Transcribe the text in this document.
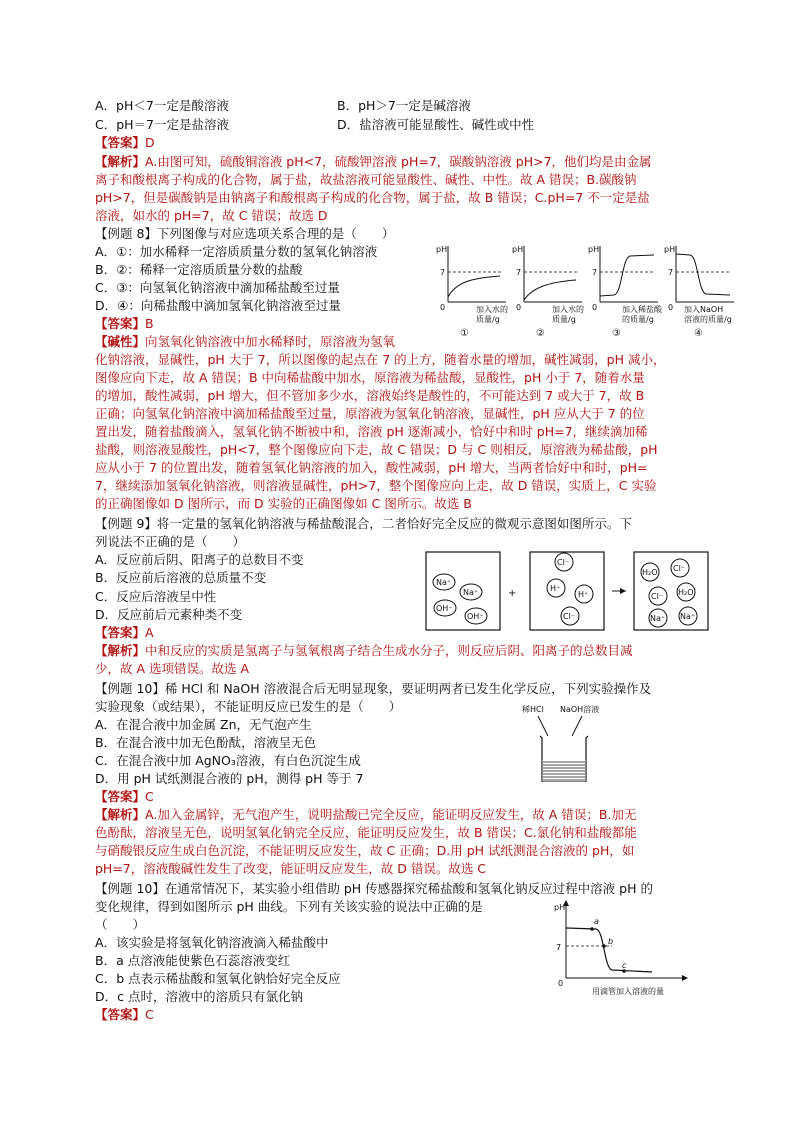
A．pH＜7一定是酸溶液	B．pH＞7一定是碱溶液
C．pH＝7一定是盐溶液	D．盐溶液可能显酸性、碱性或中性
【答案】D
【解析】A.由图可知，硫酸铜溶液 pH<7，硫酸钾溶液 pH=7，碳酸钠溶液 pH>7，他们均是由金属
离子和酸根离子构成的化合物，属于盐，故盐溶液可能显酸性、碱性、中性。故 A 错误；B.碳酸钠
pH>7，但是碳酸钠是由钠离子和酸根离子构成的化合物，属于盐，故 B 错误；C.pH=7 不一定是盐
溶液，如水的 pH=7，故 C 错误；故选 D
【例题 8】下列图像与对应选项关系合理的是（　　）
A．①：加水稀释一定溶质质量分数的氢氧化钠溶液
B．②：稀释一定溶质质量分数的盐酸
C．③：向氢氧化钠溶液中滴加稀盐酸至过量
D．④：向稀盐酸中滴加氢氧化钠溶液至过量
pH
7
0	加入水的
质量/g
①
pH
7
0	加入水的
质量/g
②
pH
7
0	加入稀盐酸
的质量/g
③
pH
7
0 加入NaOH
溶液的质量/g
④
【答案】B
【碱性】向氢氧化钠溶液中加水稀释时，原溶液为氢氧
化钠溶液，显碱性，pH 大于 7，所以图像的起点在 7 的上方，随着水量的增加，碱性减弱，pH 减小，
图像应向下走，故 A 错误；B 中向稀盐酸中加水，原溶液为稀盐酸，显酸性，pH 小于 7，随着水量
的增加，酸性减弱，pH 增大，但不管加多少水，溶液始终是酸性的，不可能达到 7 或大于 7，故 B
正确；向氢氧化钠溶液中滴加稀盐酸至过量，原溶液为氢氧化钠溶液，显碱性，pH 应从大于 7 的位
置出发，随着盐酸滴入，氢氧化钠不断被中和，溶液 pH 逐渐减小，恰好中和时 pH=7，继续滴加稀
盐酸，则溶液显酸性，pH<7，整个图像应向下走，故 C 错误；D 与 C 则相反，原溶液为稀盐酸，pH
应从小于 7 的位置出发，随着氢氧化钠溶液的加入，酸性减弱，pH 增大，当两者恰好中和时，pH=
7，继续添加氢氧化钠溶液，则溶液显碱性，pH>7，整个图像应向上走，故 D 错误，实质上，C 实验
的正确图像如 D 图所示，而 D 实验的正确图像如 C 图所示。故选 B
【例题 9】将一定量的氢氧化钠溶液与稀盐酸混合，二者恰好完全反应的微观示意图如图所示。下
列说法不正确的是（　　）
A．反应前后阴、阳离子的总数目不变
B．反应前后溶液的总质量不变
C．反应后溶液呈中性
D．反应前后元素种类不变
Na⁺
Na⁺
OH⁻
OH⁻
+
Cl⁻
H⁺
H⁺
Cl⁻
H₂O Cl⁻
Cl⁻ H₂O
Na⁺ Na⁺
【答案】A
【解析】中和反应的实质是氢离子与氢氧根离子结合生成水分子，则反应后阴、阳离子的总数目减
少，故 A 选项错误。故选 A
【例题 10】稀 HCl 和 NaOH 溶液混合后无明显现象，要证明两者已发生化学反应，下列实验操作及
实验现象（或结果），不能证明反应已发生的是（　　）
A．在混合液中加金属 Zn，无气泡产生
B．在混合液中加无色酚酞，溶液呈无色
C．在混合液中加 AgNO₃溶液，有白色沉淀生成
D．用 pH 试纸测混合液的 pH，测得 pH 等于 7
稀HCl NaOH溶液
【答案】C
【解析】A.加入金属锌，无气泡产生，说明盐酸已完全反应，能证明反应发生，故 A 错误；B.加无
色酚酞，溶液呈无色，说明氢氧化钠完全反应，能证明反应发生，故 B 错误；C.氯化钠和盐酸都能
与硝酸银反应生成白色沉淀，不能证明反应发生，故 C 正确；D.用 pH 试纸测混合溶液的 pH，如
pH=7，溶液酸碱性发生了改变，能证明反应发生，故 D 错误。故选 C
【例题 10】在通常情况下，某实验小组借助 pH 传感器探究稀盐酸和氢氧化钠反应过程中溶液 pH 的
变化规律，得到如图所示 pH 曲线。下列有关该实验的说法中正确的是
（　　）
A．该实验是将氢氧化钠溶液滴入稀盐酸中
B．a 点溶液能使紫色石蕊溶液变红
C．b 点表示稀盐酸和氢氧化钠恰好完全反应
D．c 点时，溶液中的溶质只有氯化钠
pH
7
0
a
b
c
用滴管加入溶液的量
【答案】C
